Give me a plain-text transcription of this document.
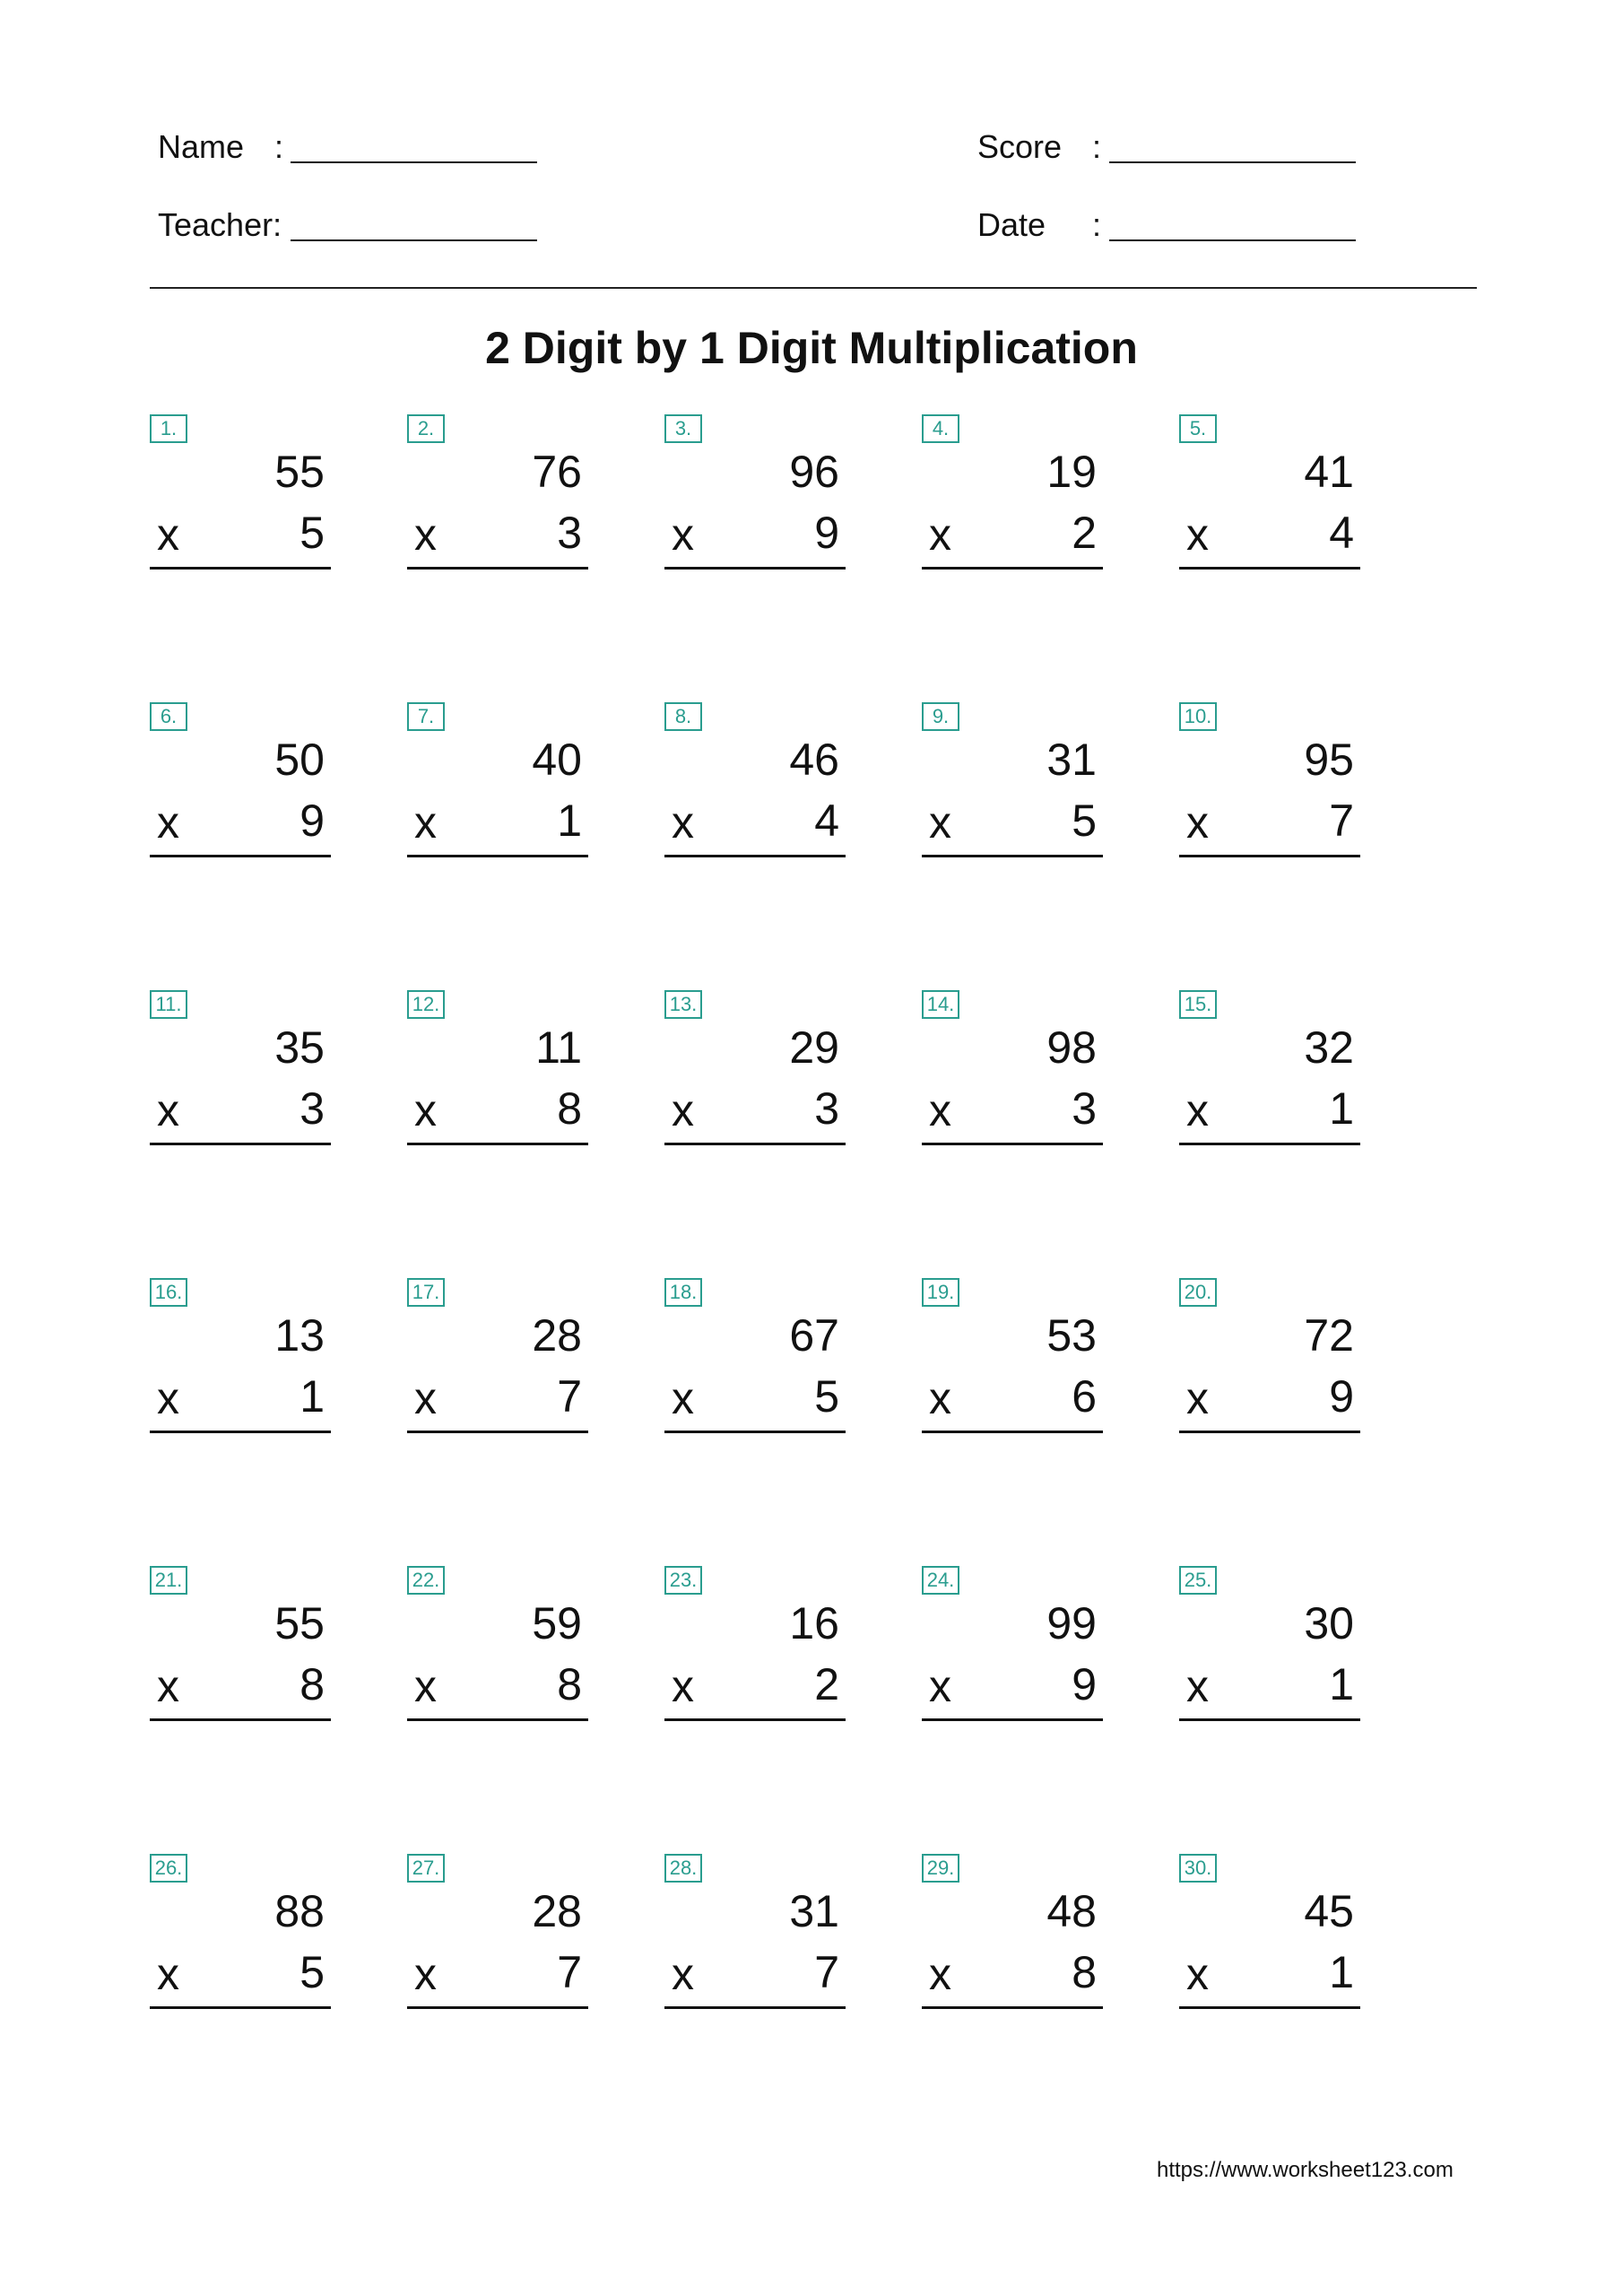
Name :
Teacher:
Score :
Date :
2 Digit by 1 Digit Multiplication
1.
55
x	5
2.
76
x	3
3.
96
x	9
4.
19
x	2
5.
41
x	4
6.
50
x	9
7.
40
x	1
8.
46
x	4
9.
31
x	5
10.
95
x	7
11.
35
x	3
12.
11
x	8
13.
29
x	3
14.
98
x	3
15.
32
x	1
16.
13
x	1
17.
28
x	7
18.
67
x	5
19.
53
x	6
20.
72
x	9
21.
55
x	8
22.
59
x	8
23.
16
x	2
24.
99
x	9
25.
30
x	1
26.
88
x	5
27.
28
x	7
28.
31
x	7
29.
48
x	8
30.
45
x	1
https://www.worksheet123.com
